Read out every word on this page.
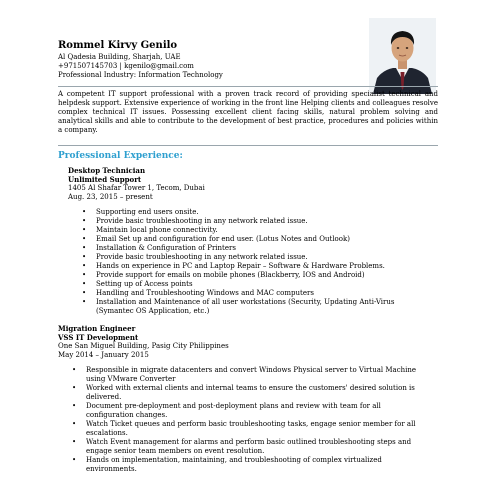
Rommel Kirvy Genilo
Al Qadesia Building, Sharjah, UAE
+971507145703 | kgenilo@gmail.com
Professional Industry: Information Technology
A competent IT support professional with a proven track record of providing specialist technical and helpdesk support. Extensive experience of working in the front line Helping clients and colleagues resolve complex technical IT issues. Possessing excellent client facing skills, natural problem solving and analytical skills and able to contribute to the development of best practice, procedures and policies within a company.
Professional Experience:
Desktop Technician
Unlimited Support
1405 Al Shafar Tower 1, Tecom, Dubai
Aug. 23, 2015 – present
• Supporting end users onsite.
• Provide basic troubleshooting in any network related issue.
• Maintain local phone connectivity.
• Email Set up and configuration for end user. (Lotus Notes and Outlook)
• Installation & Configuration of Printers
• Provide basic troubleshooting in any network related issue.
• Hands on experience in PC and Laptop Repair – Software & Hardware Problems.
• Provide support for emails on mobile phones (Blackberry, IOS and Android)
• Setting up of Access points
• Handling and Troubleshooting Windows and MAC computers
• Installation and Maintenance of all user workstations (Security, Updating Anti-Virus (Symantec OS Application, etc.)
Migration Engineer
VSS IT Development
One San Miguel Building, Pasig City Philippines
May 2014 – January 2015
• Responsible in migrate datacenters and convert Windows Physical server to Virtual Machine using VMware Converter
• Worked with external clients and internal teams to ensure the customers' desired solution is delivered.
• Document pre-deployment and post-deployment plans and review with team for all configuration changes.
• Watch Ticket queues and perform basic troubleshooting tasks, engage senior member for all escalations.
• Watch Event management for alarms and perform basic outlined troubleshooting steps and engage senior team members on event resolution.
• Hands on implementation, maintaining, and troubleshooting of complex virtualized environments.
